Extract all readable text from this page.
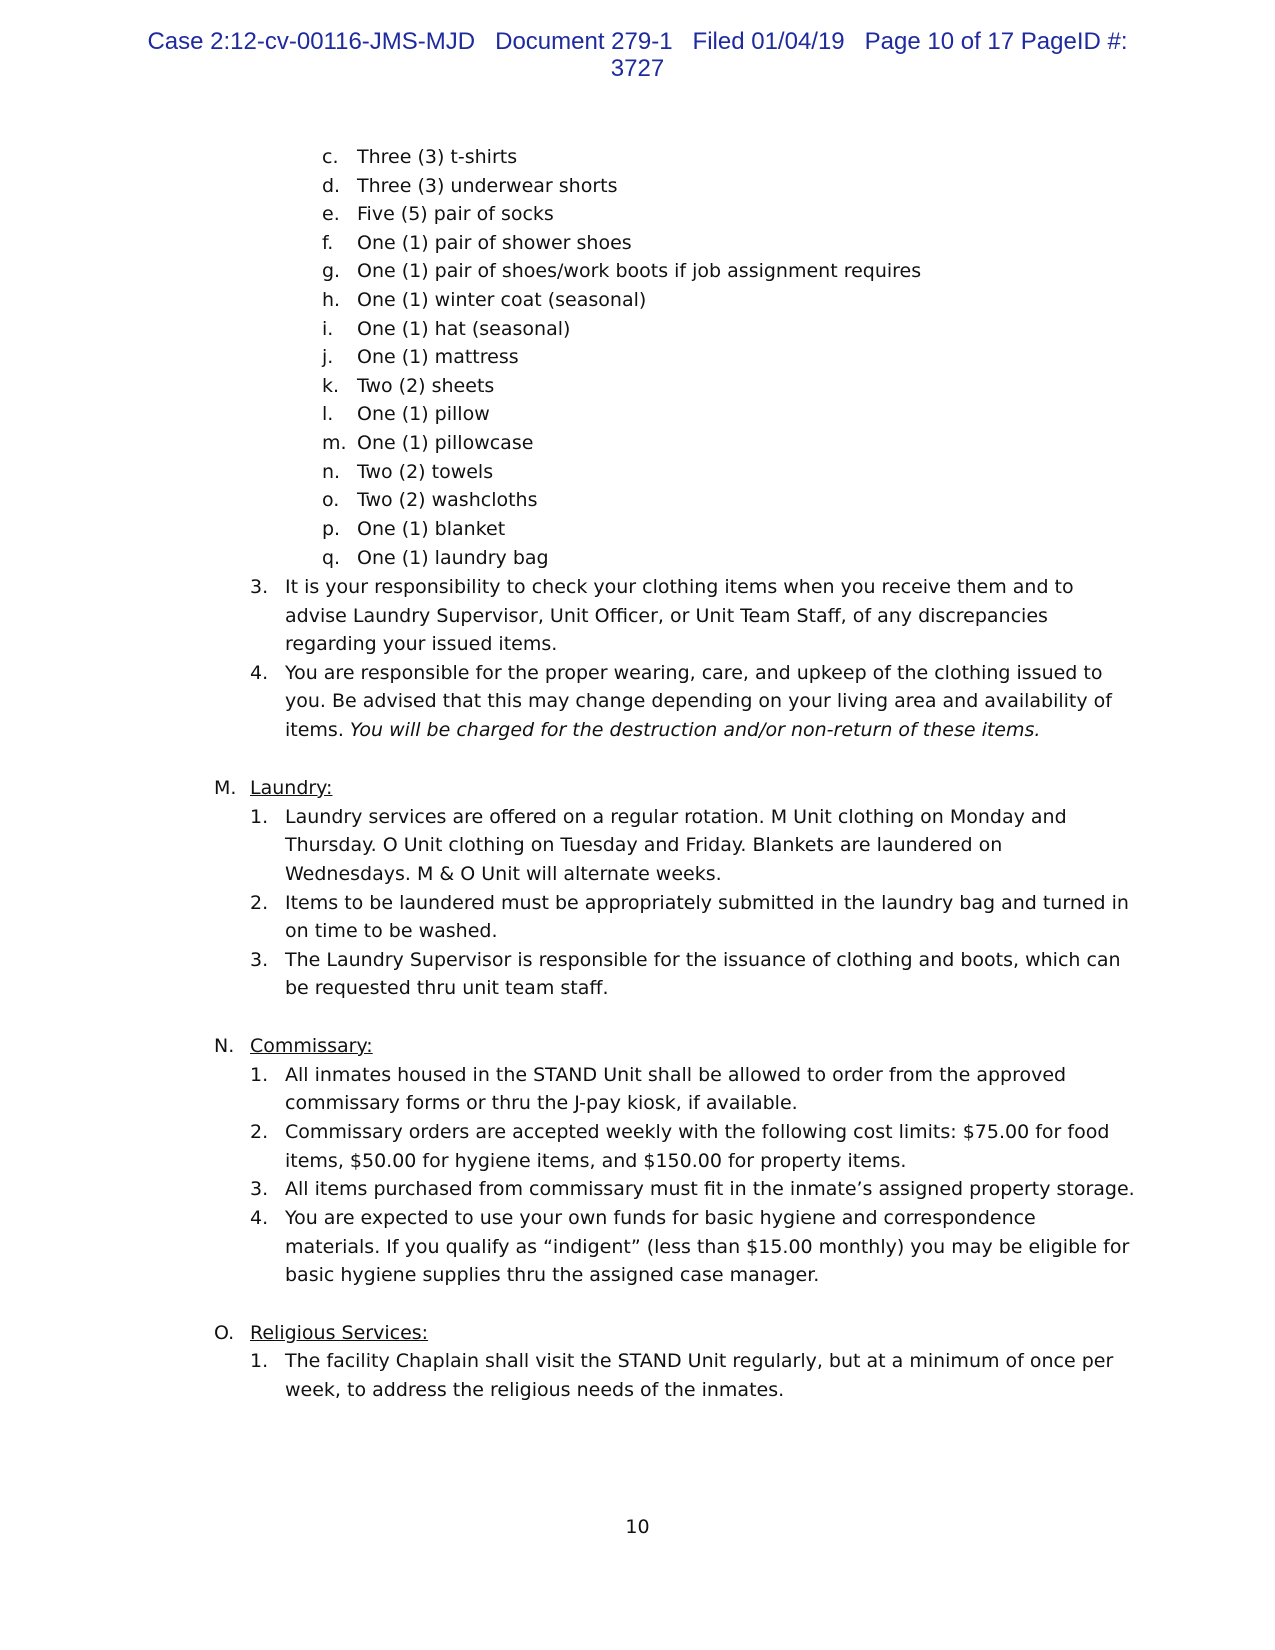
Case 2:12-cv-00116-JMS-MJD Document 279-1 Filed 01/04/19 Page 10 of 17 PageID #:
3727
c. Three (3) t-shirts
d. Three (3) underwear shorts
e. Five (5) pair of socks
f. One (1) pair of shower shoes
g. One (1) pair of shoes/work boots if job assignment requires
h. One (1) winter coat (seasonal)
i. One (1) hat (seasonal)
j. One (1) mattress
k. Two (2) sheets
l. One (1) pillow
m. One (1) pillowcase
n. Two (2) towels
o. Two (2) washcloths
p. One (1) blanket
q. One (1) laundry bag
3. It is your responsibility to check your clothing items when you receive them and to
advise Laundry Supervisor, Unit Officer, or Unit Team Staff, of any discrepancies
regarding your issued items.
4. You are responsible for the proper wearing, care, and upkeep of the clothing issued to
you. Be advised that this may change depending on your living area and availability of
items. You will be charged for the destruction and/or non-return of these items.
M. Laundry:
1. Laundry services are offered on a regular rotation. M Unit clothing on Monday and
Thursday. O Unit clothing on Tuesday and Friday. Blankets are laundered on
Wednesdays. M & O Unit will alternate weeks.
2. Items to be laundered must be appropriately submitted in the laundry bag and turned in
on time to be washed.
3. The Laundry Supervisor is responsible for the issuance of clothing and boots, which can
be requested thru unit team staff.
N. Commissary:
1. All inmates housed in the STAND Unit shall be allowed to order from the approved
commissary forms or thru the J-pay kiosk, if available.
2. Commissary orders are accepted weekly with the following cost limits: $75.00 for food
items, $50.00 for hygiene items, and $150.00 for property items.
3. All items purchased from commissary must fit in the inmate’s assigned property storage.
4. You are expected to use your own funds for basic hygiene and correspondence
materials. If you qualify as “indigent” (less than $15.00 monthly) you may be eligible for
basic hygiene supplies thru the assigned case manager.
O. Religious Services:
1. The facility Chaplain shall visit the STAND Unit regularly, but at a minimum of once per
week, to address the religious needs of the inmates.
10
